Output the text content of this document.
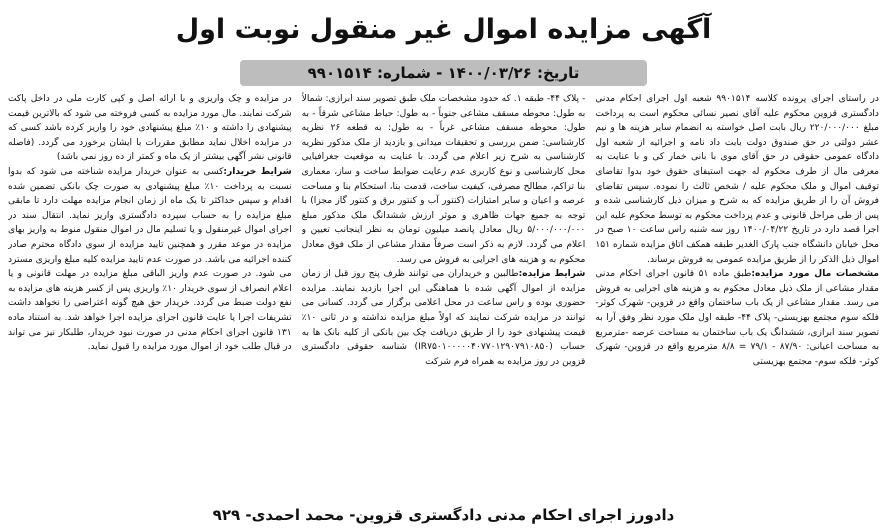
آگهی مزایده اموال غیر منقول نوبت اول
تاریخ: ۱۴۰۰/۰۳/۲۶ - شماره: ۹۹۰۱۵۱۴

در راستای اجرای پرونده کلاسه ۹۹۰۱۵۱۴ شعبه اول اجرای احکام مدنی دادگستری قزوین محکوم علیه آقای نصیر نسائی محکوم است به پرداخت مبلغ ۲۲۰/۰۰۰/۰۰۰ ریال بابت اصل خواسته به انضمام سایر هزینه ها و نیم عشر دولتی در حق صندوق دولت بابت داد نامه و اجرائیه از شعبه اول دادگاه عمومی حقوقی در حق آقای موی با بانی خمار کی و با عنایت به معرفی مال از طرف محکوم له جهت استیفای حقوق خود بدوا تقاضای توقیف اموال و ملک محکوم علیه / شخص ثالث را نموده. سپس تقاضای فروش آن را از طریق مزایده که به شرح و میزان ذیل کارشناسی شده و پس از طی مراحل قانونی و عدم پرداخت محکوم به توسط محکوم علیه این اجرا قصد دارد در تاریخ ۱۴۰۰/۰۴/۲۲ روز سه شنبه راس ساعت ۱۰ صبح در محل خیابان دانشگاه جنب پارک الغدیر طبقه همکف اتاق مزایده شماره ۱۵۱ اموال ذیل الذکر را از طریق مزایده عمومی به فروش برساند.

مشخصات مال مورد مزایده:طبق ماده ۵۱ قانون اجرای احکام مدنی مقدار مشاعی از ملک ذیل معادل محکوم به و هزینه های اجرایی به فروش می رسد. مقدار مشاعی از یک باب ساختمان واقع در قزوین- شهرک کوثر- فلکه سوم مجتمع بهزیستی- پلاک ۴۴- طبقه اول ملک مورد نظر وفق آرا به تصویر سند ابرازی، ششدانگ یک باب ساختمان به مساحت عرصه -مترمربع به مساحت اعیانی: ۸۷/۹۰ - ۷۹/۱ = ۸/۸ مترمربع واقع در قزوین- شهرک کوثر- فلکه سوم- مجتمع بهزیستی

- پلاک ۴۴- طبقه ۱. که حدود مشخصات ملک طبق تصویر سند ابرازی: شمالاً به طول: محوطه مسقف مشاعی جنوباً - به طول: حیاط مشاعی شرقاً - به طول: محوطه مسقف مشاعی غرباً - به طول: به قطعه ۲۶ نظریه کارشناسی: ضمن بررسی و تحقیقات میدانی و بازدید از ملک مذکور نظریه کارشناسی به شرح زیر اعلام می گردد. با عنایت به موقعیت جغرافیایی محل کارشناسی و نوع کاربری عدم رعایت ضوابط ساخت و ساز، معماری بنا تراکم، مطالح مصرفی، کیفیت ساخت، قدمت بنا، استحکام بنا و مساحت عرصه و اعیان و سایر امتیازات (کنتور آب و کنتور برق و کنتور گاز مجزا) با توجه به جمیع جهات ظاهری و موثر ارزش ششدانگ ملک مذکور مبلغ ۵/۰۰۰/۰۰۰/۰۰۰ ریال معادل پانصد میلیون تومان به نظر اینجانب تعیین و اعلام می گردد. لازم به ذکر است صرفاً مقدار مشاعی از ملک فوق معادل محکوم به و هزینه های اجرایی به فروش می رسد.

شرایط مزایده:طالبین و خریداران می توانند ظرف پنج روز قبل از زمان مزایده از اموال آگهی شده با هماهنگی این اجرا بازدید نمایند. مزایده حضوری بوده و راس ساعت در محل اعلامی برگزار می گردد. کسانی می توانند در مزایده شرکت نمایند که اولاً مبلغ مزایده نداشته و در ثانی ۱۰٪ قیمت پیشنهادی خود را از طریق دریافت چک بین بانکی از کلیه بانک ها به حساب (IR۷۵۰۱۰۰۰۰۰۴۰۷۷۰۱۲۹۰۷۹۱۰۸۵۰) شناسه حقوقی دادگستری قزوین در روز مزایده به همراه فرم شرکت

در مزایده و چک واریزی و با ارائه اصل و کپی کارت ملی در داخل پاکت شرکت نمایند. مال مورد مزایده به کسی فروخته می شود که بالاترین قیمت پیشنهادی را داشته و ۱۰٪ مبلغ پیشنهادی خود را واریز کرده باشد کسی که در مزایده اخلال نماید مطابق مقررات با ایشان برخورد می گردد. (فاصله قانونی نشر آگهی بیشتر از یک ماه و کمتر از ده روز نمی باشد)

شرایط خریدار:کسی به عنوان خریدار مزایده شناخته می شود که بدوا نسبت به پرداخت ۱۰٪ مبلغ پیشنهادی به صورت چک بانکی تضمین شده اقدام و سپس حداکثر تا یک ماه از زمان انجام مزایده مهلت دارد تا مابقی مبلغ مزایده را به حساب سپرده دادگستری واریز نماید. انتقال سند در اجرای اموال غیرمنقول و یا تسلیم مال در اموال منقول منوط به واریز بهای مزایده در موعد مقرر و همچنین تایید مزایده از سوی دادگاه محترم صادر کننده اجرائیه می باشد. در صورت عدم تایید مزایده کلیه مبلغ واریزی مسترد می شود. در صورت عدم واریز الباقی مبلغ مزایده در مهلت قانونی و یا اعلام انصراف از سوی خریدار ۱۰٪ واریزی پس از کسر هزینه های مزایده به نفع دولت ضبط می گردد. خریدار حق هیچ گونه اعتراضی را نخواهد داشت تشریفات اجرا یا عایت قانون اجرای مزایده اجرا خواهد شد. به استناد ماده ۱۳۱ قانون اجرای احکام مدنی در صورت نبود خریدار، طلبکار نیز می تواند در قبال طلب خود از اموال مورد مزایده را قبول نماید.

دادورز اجرای احکام مدنی دادگستری قزوین- محمد احمدی- ۹۲۹
